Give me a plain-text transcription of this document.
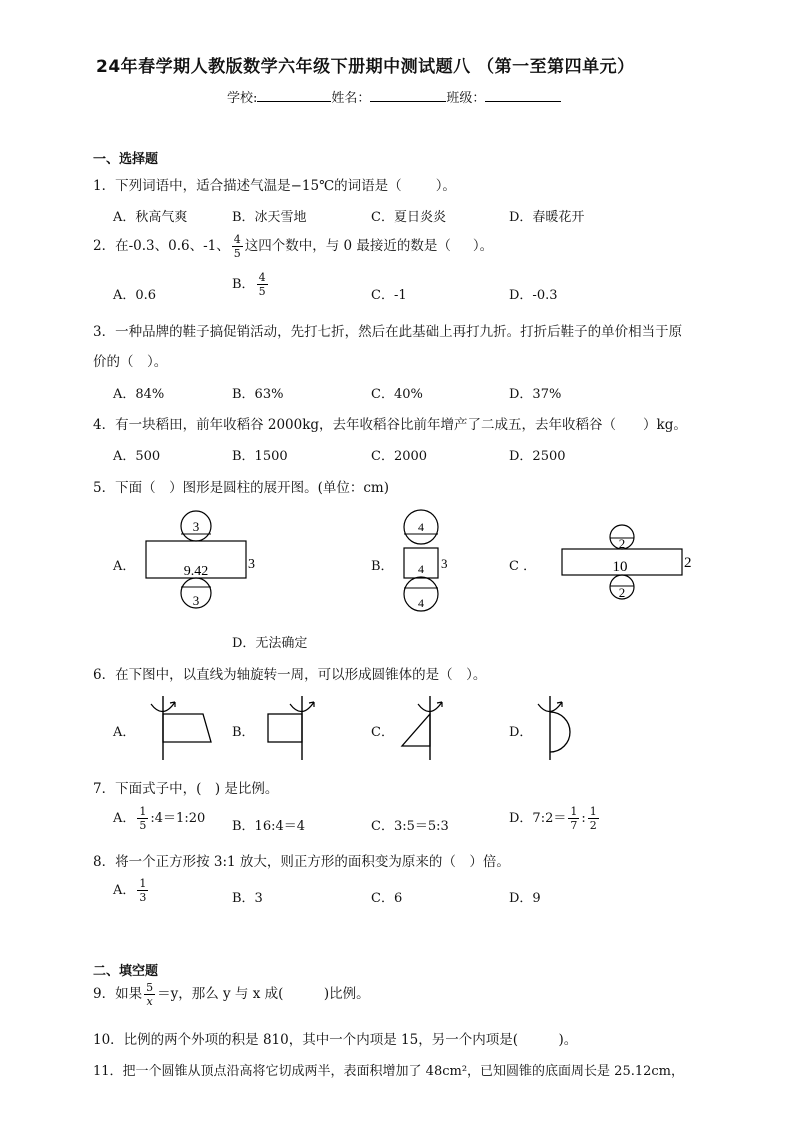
24年春学期人教版数学六年级下册期中测试题八 （第一至第四单元）
学校:	姓名：	班级：
一、选择题
1．下列词语中，适合描述气温是−15℃的词语是（	）。
A．秋高气爽	B．冰天雪地	C．夏日炎炎	D．春暖花开
2．在-0.3、0.6、-1、 $\frac{4}{5}$ 这四个数中，与 0 最接近的数是（ ）。
A．0.6
B． $\frac{4}{5}$	C．-1	D．-0.3
3．一种品牌的鞋子搞促销活动，先打七折，然后在此基础上再打九折。打折后鞋子的单价相当于原
价的（　）。
A．84%	B．63%	C．40%	D．37%
4．有一块稻田，前年收稻谷 2000kg，去年收稻谷比前年增产了二成五，去年收稻谷（　　）kg。
A．500	B．1500	C．2000	D．2500
5．下面（　）图形是圆柱的展开图。(单位：cm)
A．	B．	C ．
D．无法确定
3
9.42	3
3
4
4 3
4
2
10	2
2
6．在下图中，以直线为轴旋转一周，可以形成圆锥体的是（　）。
A．	B．	C．	D．
7．下面式子中，(　) 是比例。
A． $\frac{1}{5}$ :4＝1:20
B．16:4＝4	C．3:5＝5:3
D．7:2＝ $\frac{1}{7}$ : $\frac{1}{2}$
8．将一个正方形按 3:1 放大，则正方形的面积变为原来的（　）倍。
A． $\frac{1}{3}$	B．3	C．6	D．9
二、填空题
9．如果 $\frac{5}{x} =y$，那么 y 与 x 成(　　　)比例。
10．比例的两个外项的积是 810，其中一个内项是 15，另一个内项是(　　　)。
11．把一个圆锥从顶点沿高将它切成两半，表面积增加了 48cm²，已知圆锥的底面周长是 25.12cm，
